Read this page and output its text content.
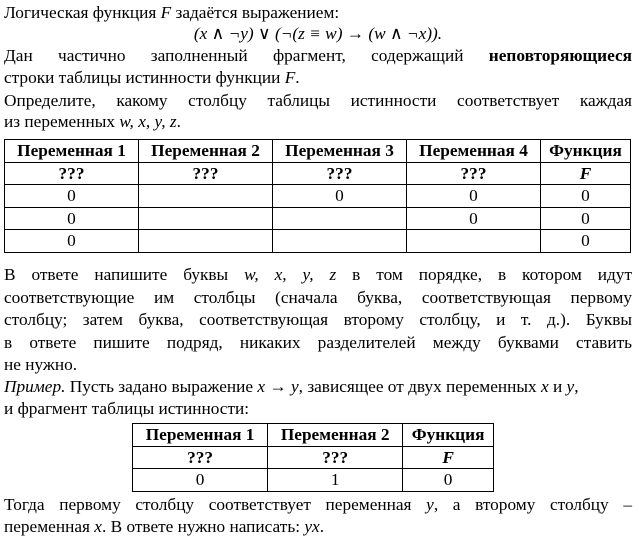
Логическая функция F задаётся выражением:

(x ∧ ¬y) ∨ (¬(z ≡ w) → (w ∧ ¬x)).

Дан частично заполненный фрагмент, содержащий неповторяющиеся

строки таблицы истинности функции F.

Определите, какому столбцу таблицы истинности соответствует каждая

из переменных w, x, y, z.

Переменная 1	Переменная 2	Переменная 3	Переменная 4	Функция
???	???	???	???	F
0		0	0	0
0			0	0
0				0

В ответе напишите буквы w, x, y, z в том порядке, в котором идут

соответствующие им столбцы (сначала буква, соответствующая первому

столбцу; затем буква, соответствующая второму столбцу, и т. д.). Буквы

в ответе пишите подряд, никаких разделителей между буквами ставить

не нужно.

Пример. Пусть задано выражение x → y, зависящее от двух переменных x и y,

и фрагмент таблицы истинности:

Переменная 1	Переменная 2	Функция
???	???	F
0	1	0

Тогда первому столбцу соответствует переменная y, а второму столбцу –

переменная x. В ответе нужно написать: yx.
